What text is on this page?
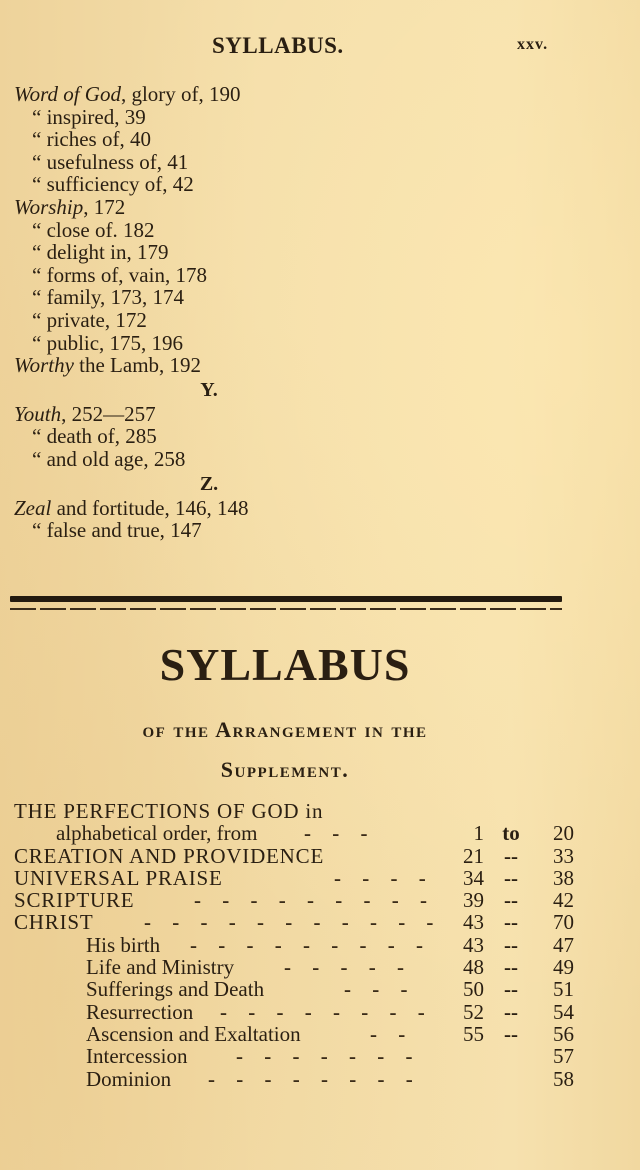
SYLLABUS.	xxv.
Word of God, glory of, 190
“ inspired, 39
“ riches of, 40
“ usefulness of, 41
“ sufficiency of, 42
Worship, 172
“ close of. 182
“ delight in, 179
“ forms of, vain, 178
“ family, 173, 174
“ private, 172
“ public, 175, 196
Worthy the Lamb, 192
Y.
Youth, 252—257
“ death of, 285
“ and old age, 258
Z.
Zeal and fortitude, 146, 148
“ false and true, 147
SYLLABUS
of the Arrangement in the
Supplement.
THE PERFECTIONS OF GOD in
alphabetical order, from - - -	1 to	20
CREATION AND PROVIDENCE	21 --	33
UNIVERSAL PRAISE	- - - -	34 --	38
SCRIPTURE	- - - - - - - - -	39 --	42
CHRIST - - - - - - - - - - -	43 --	70
His birth - - - - - - - - -	43 --	47
Life and Ministry - - - - -	48 --	49
Sufferings and Death	- - -	50 --	51
Resurrection - - - - - - - -	52 --	54
Ascension and Exaltation	- -	55 --	56
Intercession - - - - - - -	57
Dominion - - - - - - - -	58
